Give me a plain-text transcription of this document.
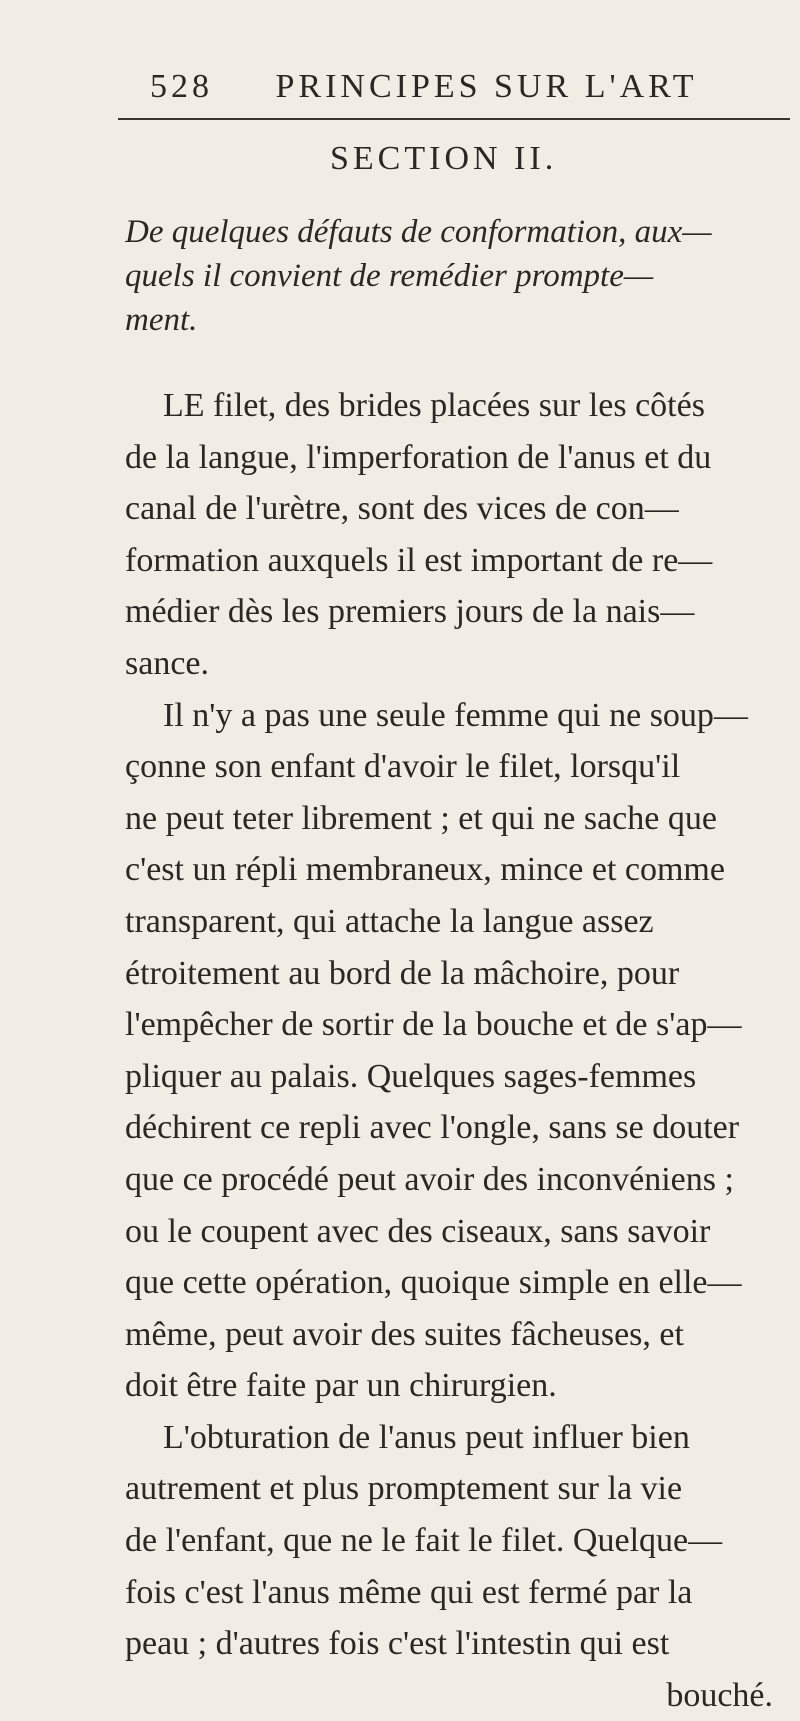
528 PRINCIPES SUR L'ART
SECTION II.
De quelques défauts de conformation, aux—
quels il convient de remédier prompte—
ment.
LE filet, des brides placées sur les côtés
de la langue, l'imperforation de l'anus et du
canal de l'urètre, sont des vices de con—
formation auxquels il est important de re—
médier dès les premiers jours de la nais—
sance.
Il n'y a pas une seule femme qui ne soup—
çonne son enfant d'avoir le filet, lorsqu'il
ne peut teter librement ; et qui ne sache que
c'est un répli membraneux, mince et comme
transparent, qui attache la langue assez
étroitement au bord de la mâchoire, pour
l'empêcher de sortir de la bouche et de s'ap—
pliquer au palais. Quelques sages-femmes
déchirent ce repli avec l'ongle, sans se douter
que ce procédé peut avoir des inconvéniens ;
ou le coupent avec des ciseaux, sans savoir
que cette opération, quoique simple en elle—
même, peut avoir des suites fâcheuses, et
doit être faite par un chirurgien.
L'obturation de l'anus peut influer bien
autrement et plus promptement sur la vie
de l'enfant, que ne le fait le filet. Quelque—
fois c'est l'anus même qui est fermé par la
peau ; d'autres fois c'est l'intestin qui est
bouché.
